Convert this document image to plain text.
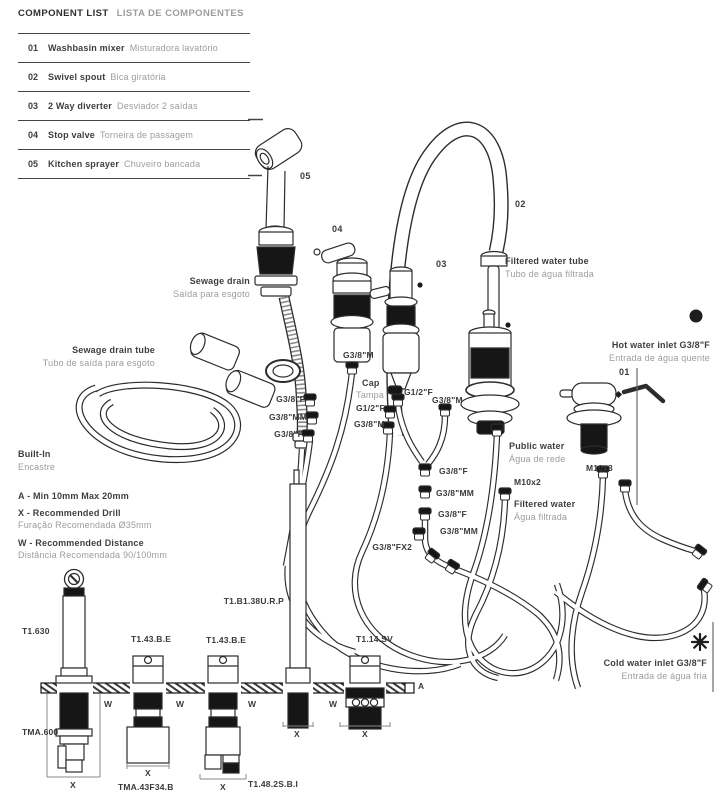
COMPONENT LIST LISTA DE COMPONENTES
01	Washbasin mixer Misturadora lavatório
02	Swivel spout Bica giratória
03	2 Way diverter Desviador 2 saídas
04	Stop valve Torneira de passagem
05	Kitchen sprayer Chuveiro bancada
05
04
03
02
01
Sewage drain
Saída para esgoto
Sewage drain tube
Tubo de saída para esgoto
Filtered water tube
Tubo de água filtrada
Hot water inlet G3/8"F
Entrada de água quente
Cold water inlet G3/8"F
Entrada de água fria
Public water
Água de rede
Filtered water
Água filtrada
Built-In
Encastre
Cap
Tampa
A - Min 10mm Max 20mm
X - Recommended Drill
Furação Recomendada Ø35mm
W - Recommended Distance
Distância Recomendada 90/100mm
G3/8"M
G1/2"F
G3/8"M
G1/2"F
G3/8"M
G3/8"F
G3/8"MM
G3/8"F
G3/8"F
G3/8"MM
G3/8"F
G3/8"MM
G3/8"FX2
M10x2
M10x3
T1.630
T1.43.B.E	T1.43.B.E
T1.B1.38U.R.P
T1.14.SV
TMA.600
TMA.43F34.B	T1.48.2S.B.I
W	W	W	W
X
X
X
X	X
A
